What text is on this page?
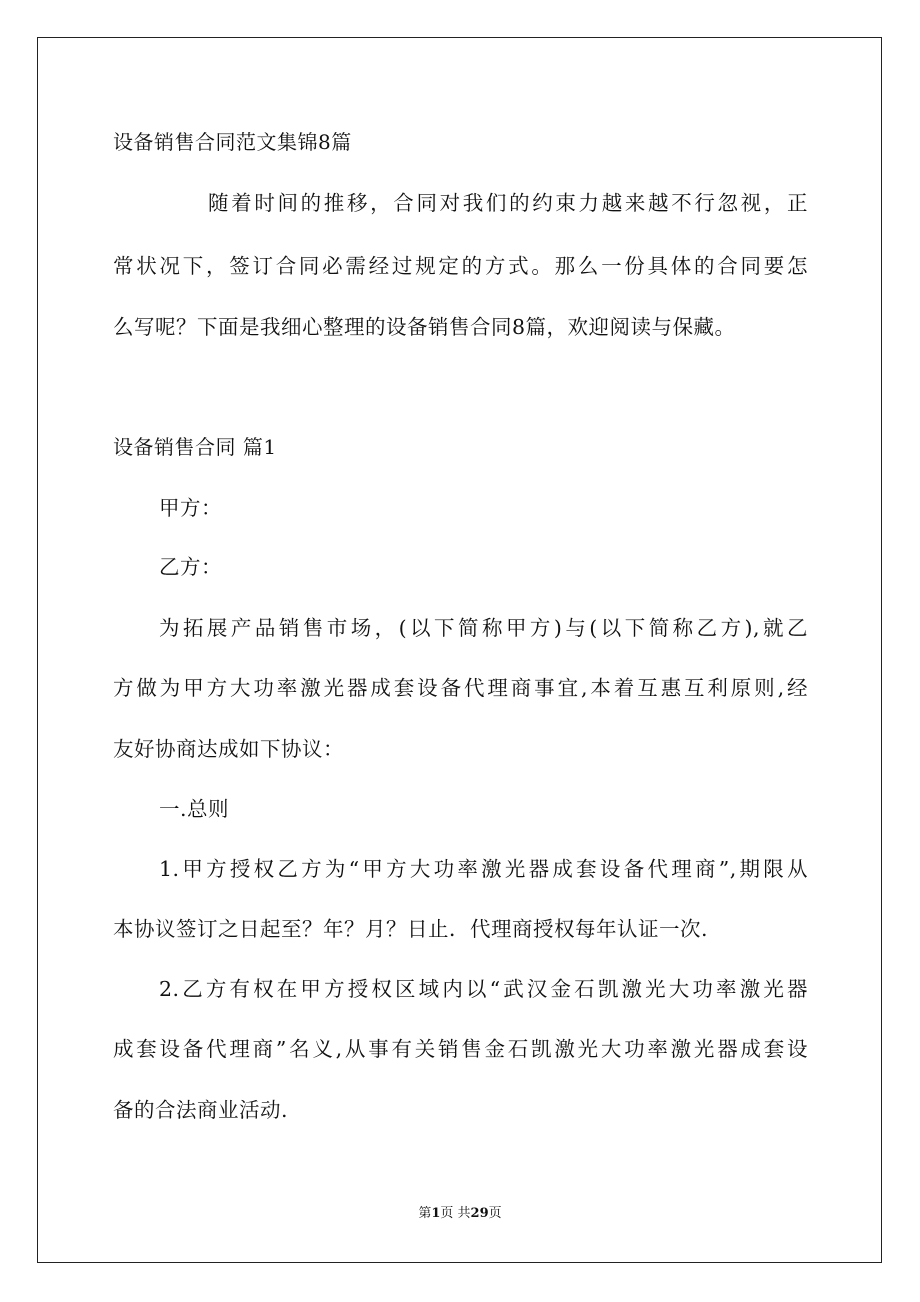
设备销售合同范文集锦8篇
随着时间的推移，合同对我们的约束力越来越不行忽视，正
常状况下，签订合同必需经过规定的方式。那么一份具体的合同要怎
么写呢？下面是我细心整理的设备销售合同8篇，欢迎阅读与保藏。
设备销售合同 篇1
甲方：
乙方：
为拓展产品销售市场，(以下简称甲方)与(以下简称乙方),就乙
方做为甲方大功率激光器成套设备代理商事宜,本着互惠互利原则,经
友好协商达成如下协议：
一.总则
1.甲方授权乙方为“甲方大功率激光器成套设备代理商”,期限从
本协议签订之日起至？年？月？日止．代理商授权每年认证一次.
2.乙方有权在甲方授权区域内以“武汉金石凯激光大功率激光器
成套设备代理商”名义,从事有关销售金石凯激光大功率激光器成套设
备的合法商业活动.
第1页 共29页
